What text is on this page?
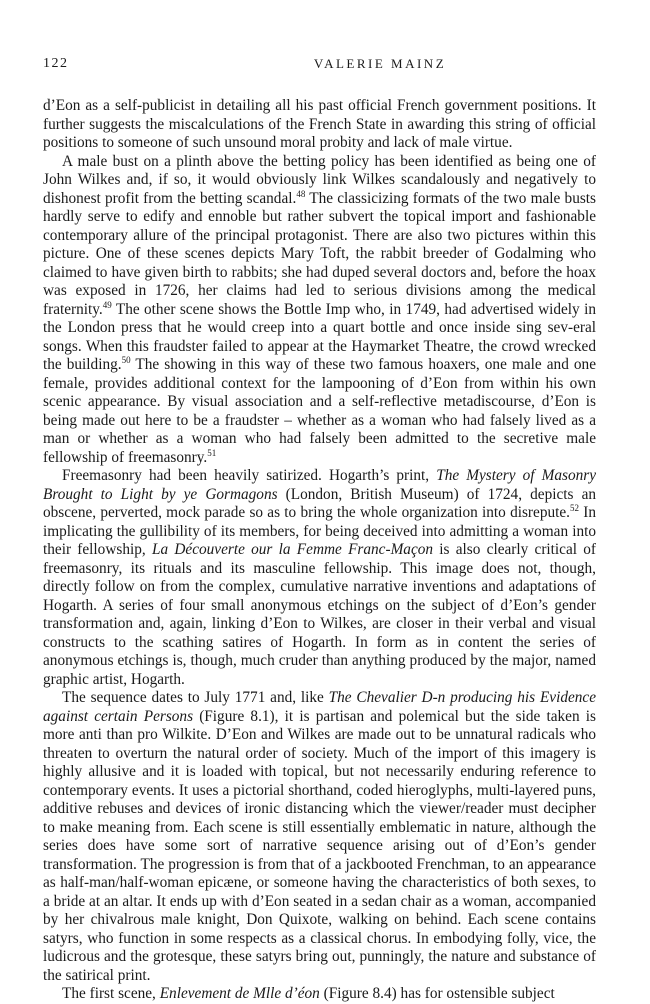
122	VALERIE MAINZ

d’Eon as a self-publicist in detailing all his past official French government positions. It further suggests the miscalculations of the French State in awarding this string of official positions to someone of such unsound moral probity and lack of male virtue.

A male bust on a plinth above the betting policy has been identified as being one of John Wilkes and, if so, it would obviously link Wilkes scandalously and negatively to dishonest profit from the betting scandal.$^{48}$ The classicizing formats of the two male busts hardly serve to edify and ennoble but rather subvert the topical import and fashionable contemporary allure of the principal protagonist. There are also two pictures within this picture. One of these scenes depicts Mary Toft, the rabbit breeder of Godalming who claimed to have given birth to rabbits; she had duped several doctors and, before the hoax was exposed in 1726, her claims had led to serious divisions among the medical fraternity.$^{49}$ The other scene shows the Bottle Imp who, in 1749, had advertised widely in the London press that he would creep into a quart bottle and once inside sing sev-eral songs. When this fraudster failed to appear at the Haymarket Theatre, the crowd wrecked the building.$^{50}$ The showing in this way of these two famous hoaxers, one male and one female, provides additional context for the lampooning of d’Eon from within his own scenic appearance. By visual association and a self-reflective metadiscourse, d’Eon is being made out here to be a fraudster – whether as a woman who had falsely lived as a man or whether as a woman who had falsely been admitted to the secretive male fellowship of freemasonry.$^{51}$

Freemasonry had been heavily satirized. Hogarth’s print, The Mystery of Masonry Brought to Light by ye Gormagons (London, British Museum) of 1724, depicts an obscene, perverted, mock parade so as to bring the whole organization into disrepute.$^{52}$ In implicating the gullibility of its members, for being deceived into admitting a woman into their fellowship, La Découverte our la Femme Franc-Maçon is also clearly critical of freemasonry, its rituals and its masculine fellowship. This image does not, though, directly follow on from the complex, cumulative narrative inventions and adaptations of Hogarth. A series of four small anonymous etchings on the subject of d’Eon’s gender transformation and, again, linking d’Eon to Wilkes, are closer in their verbal and visual constructs to the scathing satires of Hogarth. In form as in content the series of anonymous etchings is, though, much cruder than anything produced by the major, named graphic artist, Hogarth.

The sequence dates to July 1771 and, like The Chevalier D-n producing his Evidence against certain Persons (Figure 8.1), it is partisan and polemical but the side taken is more anti than pro Wilkite. D’Eon and Wilkes are made out to be unnatural radicals who threaten to overturn the natural order of society. Much of the import of this imagery is highly allusive and it is loaded with topical, but not necessarily enduring reference to contemporary events. It uses a pictorial shorthand, coded hieroglyphs, multi-layered puns, additive rebuses and devices of ironic distancing which the viewer/reader must decipher to make meaning from. Each scene is still essentially emblematic in nature, although the series does have some sort of narrative sequence arising out of d’Eon’s gender transformation. The progression is from that of a jackbooted Frenchman, to an appearance as half-man/half-woman epicæne, or someone having the characteristics of both sexes, to a bride at an altar. It ends up with d’Eon seated in a sedan chair as a woman, accompanied by her chivalrous male knight, Don Quixote, walking on behind. Each scene contains satyrs, who function in some respects as a classical chorus. In embodying folly, vice, the ludicrous and the grotesque, these satyrs bring out, punningly, the nature and substance of the satirical print.

The first scene, Enlevement de Mlle d’éon (Figure 8.4) has for ostensible subject
